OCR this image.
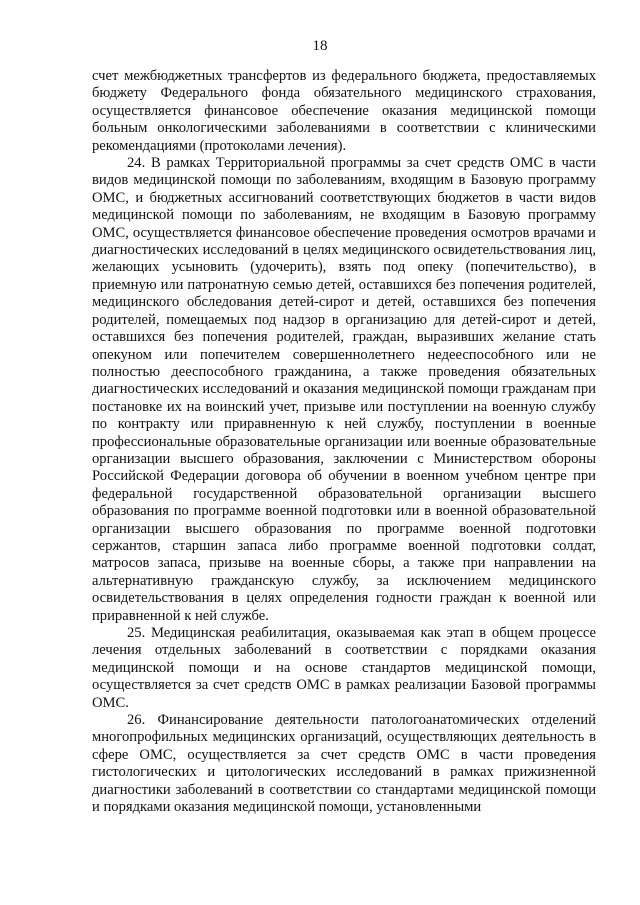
18

счет межбюджетных трансфертов из федерального бюджета, предоставляемых бюджету Федерального фонда обязательного медицинского страхования, осуществляется финансовое обеспечение оказания медицинской помощи больным онкологическими заболеваниями в соответствии с клиническими рекомендациями (протоколами лечения).

24. В рамках Территориальной программы за счет средств ОМС в части видов медицинской помощи по заболеваниям, входящим в Базовую программу ОМС, и бюджетных ассигнований соответствующих бюджетов в части видов медицинской помощи по заболеваниям, не входящим в Базовую программу ОМС, осуществляется финансовое обеспечение проведения осмотров врачами и диагностических исследований в целях медицинского освидетельствования лиц, желающих усыновить (удочерить), взять под опеку (попечительство), в приемную или патронатную семью детей, оставшихся без попечения родителей, медицинского обследования детей-сирот и детей, оставшихся без попечения родителей, помещаемых под надзор в организацию для детей-сирот и детей, оставшихся без попечения родителей, граждан, выразивших желание стать опекуном или попечителем совершеннолетнего недееспособного или не полностью дееспособного гражданина, а также проведения обязательных диагностических исследований и оказания медицинской помощи гражданам при постановке их на воинский учет, призыве или поступлении на военную службу по контракту или приравненную к ней службу, поступлении в военные профессиональные образовательные организации или военные образовательные организации высшего образования, заключении с Министерством обороны Российской Федерации договора об обучении в военном учебном центре при федеральной государственной образовательной организации высшего образования по программе военной подготовки или в военной образовательной организации высшего образования по программе военной подготовки сержантов, старшин запаса либо программе военной подготовки солдат, матросов запаса, призыве на военные сборы, а также при направлении на альтернативную гражданскую службу, за исключением медицинского освидетельствования в целях определения годности граждан к военной или приравненной к ней службе.

25. Медицинская реабилитация, оказываемая как этап в общем процессе лечения отдельных заболеваний в соответствии с порядками оказания медицинской помощи и на основе стандартов медицинской помощи, осуществляется за счет средств ОМС в рамках реализации Базовой программы ОМС.

26. Финансирование деятельности патологоанатомических отделений многопрофильных медицинских организаций, осуществляющих деятельность в сфере ОМС, осуществляется за счет средств ОМС в части проведения гистологических и цитологических исследований в рамках прижизненной диагностики заболеваний в соответствии со стандартами медицинской помощи и порядками оказания медицинской помощи, установленными
